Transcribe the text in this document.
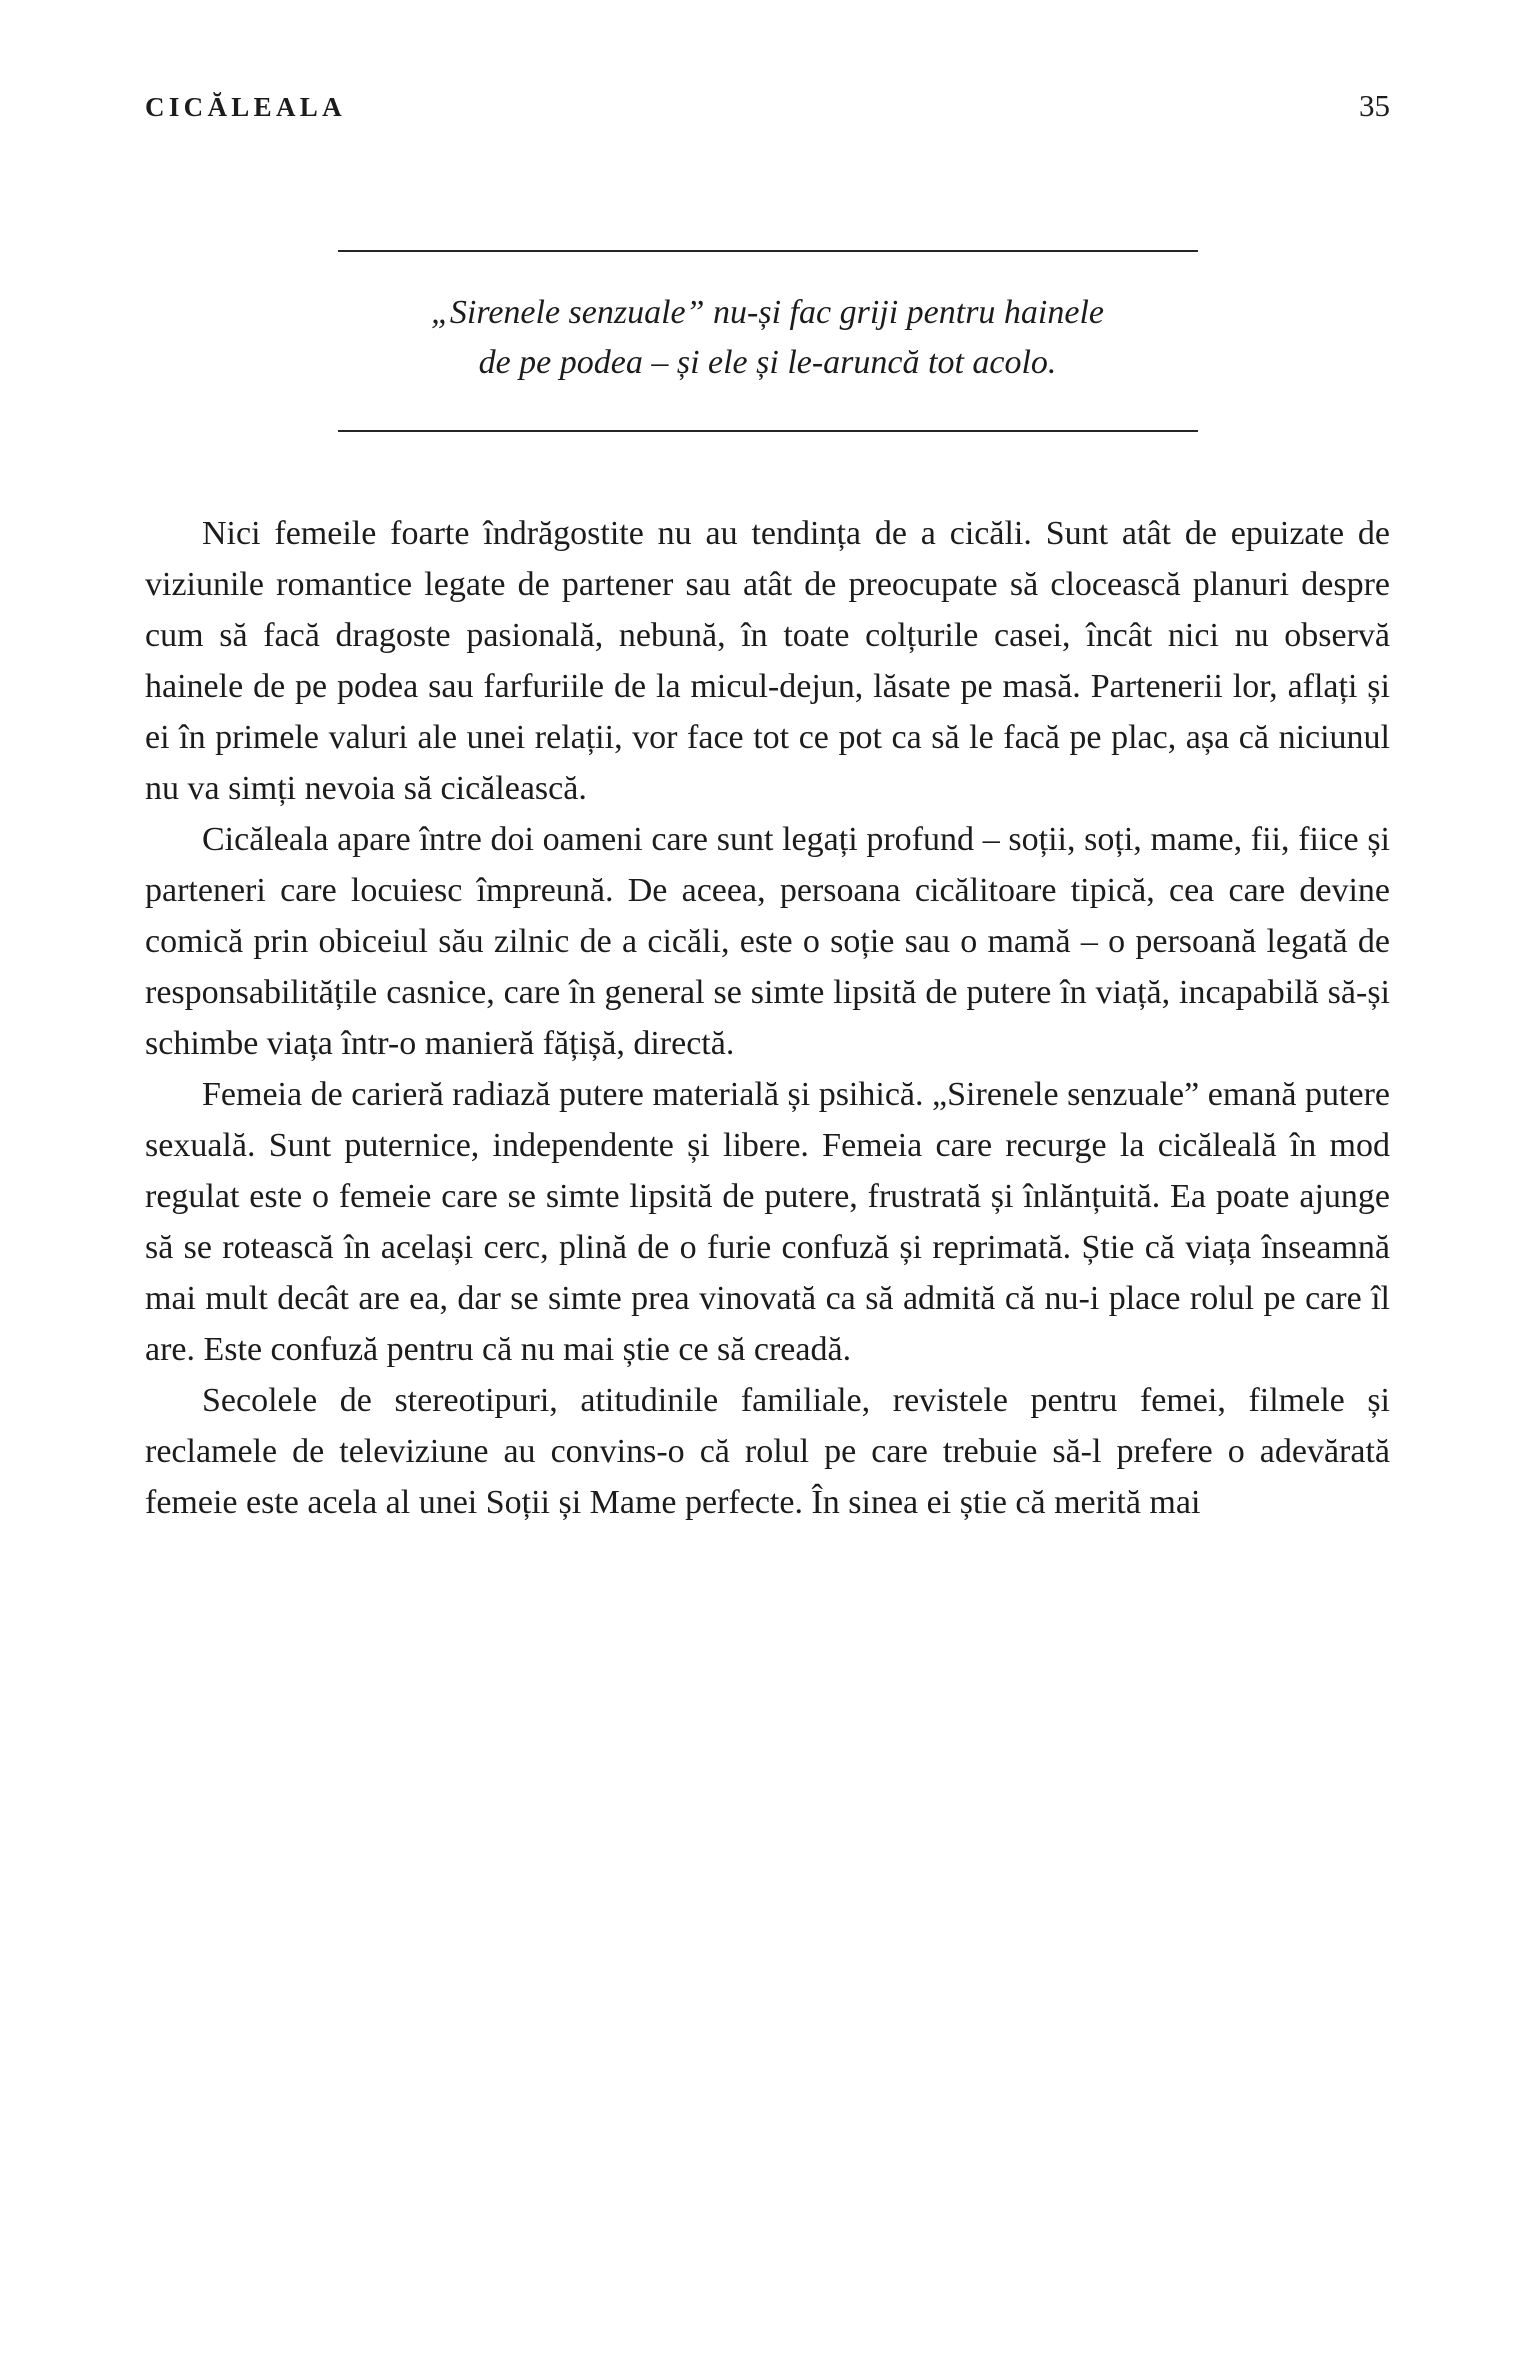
CICĂLEALA	35
„Sirenele senzuale” nu-și fac griji pentru hainele
de pe podea – și ele și le-aruncă tot acolo.

Nici femeile foarte îndrăgostite nu au tendința de a cicăli. Sunt atât de epuizate de viziunile romantice legate de partener sau atât de preocupate să clocească planuri despre cum să facă dragoste pasională, nebună, în toate colțurile casei, încât nici nu observă hainele de pe podea sau farfuriile de la micul-dejun, lăsate pe masă. Partenerii lor, aflați și ei în primele valuri ale unei relații, vor face tot ce pot ca să le facă pe plac, așa că niciunul nu va simți nevoia să cicălească.

Cicăleala apare între doi oameni care sunt legați profund – soții, soți, mame, fii, fiice și parteneri care locuiesc împreună. De aceea, persoana cicălitoare tipică, cea care devine comică prin obiceiul său zilnic de a cicăli, este o soție sau o mamă – o persoană legată de responsabilitățile casnice, care în general se simte lipsită de putere în viață, incapabilă să-și schimbe viața într-o manieră fățișă, directă.

Femeia de carieră radiază putere materială și psihică. „Sirenele senzuale” emană putere sexuală. Sunt puternice, independente și libere. Femeia care recurge la cicăleală în mod regulat este o femeie care se simte lipsită de putere, frustrată și înlănțuită. Ea poate ajunge să se rotească în același cerc, plină de o furie confuză și reprimată. Știe că viața înseamnă mai mult decât are ea, dar se simte prea vinovată ca să admită că nu-i place rolul pe care îl are. Este confuză pentru că nu mai știe ce să creadă.

Secolele de stereotipuri, atitudinile familiale, revistele pentru femei, filmele și reclamele de televiziune au convins-o că rolul pe care trebuie să-l prefere o adevărată femeie este acela al unei Soții și Mame perfecte. În sinea ei știe că merită mai
